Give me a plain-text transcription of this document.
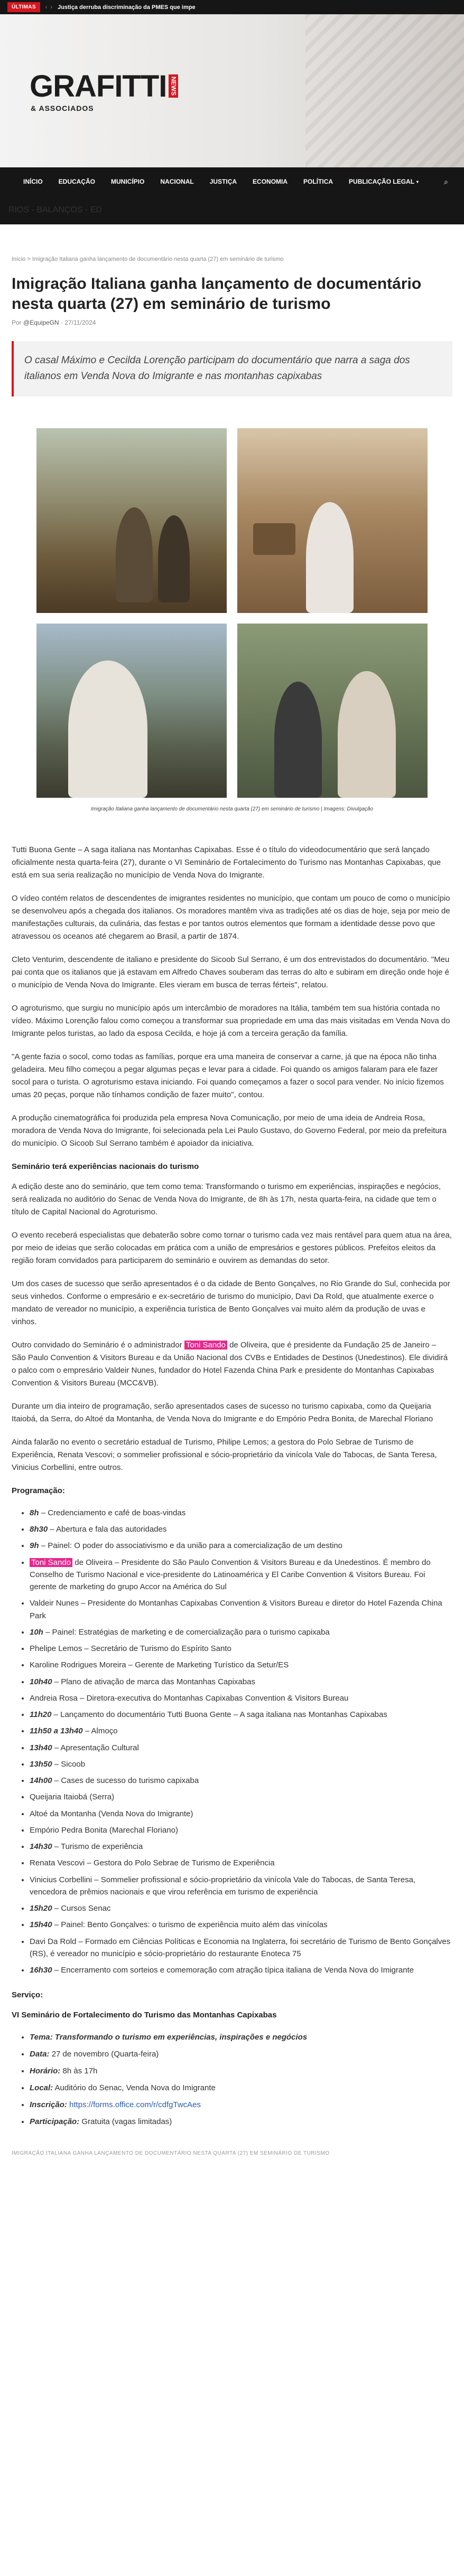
ÚLTIMAS	‹ › Justiça derruba discriminação da PMES que impe
GRAFITTI NEWS
& ASSOCIADOS
INÍCIO	EDUCAÇÃO	MUNICÍPIO	NACIONAL	JUSTIÇA	ECONOMIA	POLÍTICA	PUBLICAÇÃO LEGAL ▾	⌕
RIOS - BALANÇOS - ED
Início > Imigração Italiana ganha lançamento de documentário nesta quarta (27) em seminário de turismo
Imigração Italiana ganha lançamento de documentário nesta quarta (27) em seminário de turismo
Por @EquipeGN · 27/11/2024
O casal Máximo e Cecilda Lorenção participam do documentário que narra a saga dos italianos em Venda Nova do Imigrante e nas montanhas capixabas
Imigração Italiana ganha lançamento de documentário nesta quarta (27) em seminário de turismo | Imagens: Divulgação

Tutti Buona Gente – A saga italiana nas Montanhas Capixabas. Esse é o título do videodocumentário que será lançado oficialmente nesta quarta-feira (27), durante o VI Seminário de Fortalecimento do Turismo nas Montanhas Capixabas, que está em sua seria realização no município de Venda Nova do Imigrante.

O vídeo contém relatos de descendentes de imigrantes residentes no município, que contam um pouco de como o município se desenvolveu após a chegada dos italianos. Os moradores mantêm viva as tradições até os dias de hoje, seja por meio de manifestações culturais, da culinária, das festas e por tantos outros elementos que formam a identidade desse povo que atravessou os oceanos até chegarem ao Brasil, a partir de 1874.

Cleto Venturim, descendente de italiano e presidente do Sicoob Sul Serrano, é um dos entrevistados do documentário. "Meu pai conta que os italianos que já estavam em Alfredo Chaves souberam das terras do alto e subiram em direção onde hoje é o município de Venda Nova do Imigrante. Eles vieram em busca de terras férteis", relatou.

O agroturismo, que surgiu no município após um intercâmbio de moradores na Itália, também tem sua história contada no vídeo. Máximo Lorenção falou como começou a transformar sua propriedade em uma das mais visitadas em Venda Nova do Imigrante pelos turistas, ao lado da esposa Cecilda, e hoje já com a terceira geração da família.

"A gente fazia o socol, como todas as famílias, porque era uma maneira de conservar a carne, já que na época não tinha geladeira. Meu filho começou a pegar algumas peças e levar para a cidade. Foi quando os amigos falaram para ele fazer socol para o turista. O agroturismo estava iniciando. Foi quando começamos a fazer o socol para vender. No início fizemos umas 20 peças, porque não tínhamos condição de fazer muito", contou.

A produção cinematográfica foi produzida pela empresa Nova Comunicação, por meio de uma ideia de Andreia Rosa, moradora de Venda Nova do Imigrante, foi selecionada pela Lei Paulo Gustavo, do Governo Federal, por meio da prefeitura do município. O Sicoob Sul Serrano também é apoiador da iniciativa.

Seminário terá experiências nacionais do turismo

A edição deste ano do seminário, que tem como tema: Transformando o turismo em experiências, inspirações e negócios, será realizada no auditório do Senac de Venda Nova do Imigrante, de 8h às 17h, nesta quarta-feira, na cidade que tem o título de Capital Nacional do Agroturismo.

O evento receberá especialistas que debaterão sobre como tornar o turismo cada vez mais rentável para quem atua na área, por meio de ideias que serão colocadas em prática com a união de empresários e gestores públicos. Prefeitos eleitos da região foram convidados para participarem do seminário e ouvirem as demandas do setor.

Um dos cases de sucesso que serão apresentados é o da cidade de Bento Gonçalves, no Rio Grande do Sul, conhecida por seus vinhedos. Conforme o empresário e ex-secretário de turismo do município, Davi Da Rold, que atualmente exerce o mandato de vereador no município, a experiência turística de Bento Gonçalves vai muito além da produção de uvas e vinhos.

Outro convidado do Seminário é o administrador Toni Sando de Oliveira, que é presidente da Fundação 25 de Janeiro – São Paulo Convention & Visitors Bureau e da União Nacional dos CVBs e Entidades de Destinos (Unedestinos). Ele dividirá o palco com o empresário Valdeir Nunes, fundador do Hotel Fazenda China Park e presidente do Montanhas Capixabas Convention & Visitors Bureau (MCC&VB).

Durante um dia inteiro de programação, serão apresentados cases de sucesso no turismo capixaba, como da Queijaria Itaiobá, da Serra, do Altoé da Montanha, de Venda Nova do Imigrante e do Empório Pedra Bonita, de Marechal Floriano

Ainda falarão no evento o secretário estadual de Turismo, Philipe Lemos; a gestora do Polo Sebrae de Turismo de Experiência, Renata Vescovi; o sommelier profissional e sócio-proprietário da vinícola Vale do Tabocas, de Santa Teresa, Vinicius Corbellini, entre outros.

Programação:
• 8h – Credenciamento e café de boas-vindas
• 8h30 – Abertura e fala das autoridades
• 9h – Painel: O poder do associativismo e da união para a comercialização de um destino
• Toni Sando de Oliveira – Presidente do São Paulo Convention & Visitors Bureau e da Unedestinos. É membro do Conselho de Turismo Nacional e vice-presidente do Latinoamérica y El Caribe Convention & Visitors Bureau. Foi gerente de marketing do grupo Accor na América do Sul
• Valdeir Nunes – Presidente do Montanhas Capixabas Convention & Visitors Bureau e diretor do Hotel Fazenda China Park
• 10h – Painel: Estratégias de marketing e de comercialização para o turismo capixaba
• Phelipe Lemos – Secretário de Turismo do Espírito Santo
• Karoline Rodrigues Moreira – Gerente de Marketing Turístico da Setur/ES
• 10h40 – Plano de ativação de marca das Montanhas Capixabas
• Andreia Rosa – Diretora-executiva do Montanhas Capixabas Convention & Visitors Bureau
• 11h20 – Lançamento do documentário Tutti Buona Gente – A saga italiana nas Montanhas Capixabas
• 11h50 a 13h40 – Almoço
• 13h40 – Apresentação Cultural
• 13h50 – Sicoob
• 14h00 – Cases de sucesso do turismo capixaba
• Queijaria Itaiobá (Serra)
• Altoé da Montanha (Venda Nova do Imigrante)
• Empório Pedra Bonita (Marechal Floriano)
• 14h30 – Turismo de experiência
• Renata Vescovi – Gestora do Polo Sebrae de Turismo de Experiência
• Vinicius Corbellini – Sommelier profissional e sócio-proprietário da vinícola Vale do Tabocas, de Santa Teresa, vencedora de prêmios nacionais e que virou referência em turismo de experiência
• 15h20 – Cursos Senac
• 15h40 – Painel: Bento Gonçalves: o turismo de experiência muito além das vinícolas
• Davi Da Rold – Formado em Ciências Políticas e Economia na Inglaterra, foi secretário de Turismo de Bento Gonçalves (RS), é vereador no município e sócio-proprietário do restaurante Enoteca 75
• 16h30 – Encerramento com sorteios e comemoração com atração típica italiana de Venda Nova do Imigrante
Serviço:
VI Seminário de Fortalecimento do Turismo das Montanhas Capixabas
• Tema: Transformando o turismo em experiências, inspirações e negócios
• Data: 27 de novembro (Quarta-feira)
• Horário: 8h às 17h
• Local: Auditório do Senac, Venda Nova do Imigrante
• Inscrição: https://forms.office.com/r/cdfgTwcAes
• Participação: Gratuita (vagas limitadas)
IMIGRAÇÃO ITALIANA GANHA LANÇAMENTO DE DOCUMENTÁRIO NESTA QUARTA (27) EM SEMINÁRIO DE TURISMO
